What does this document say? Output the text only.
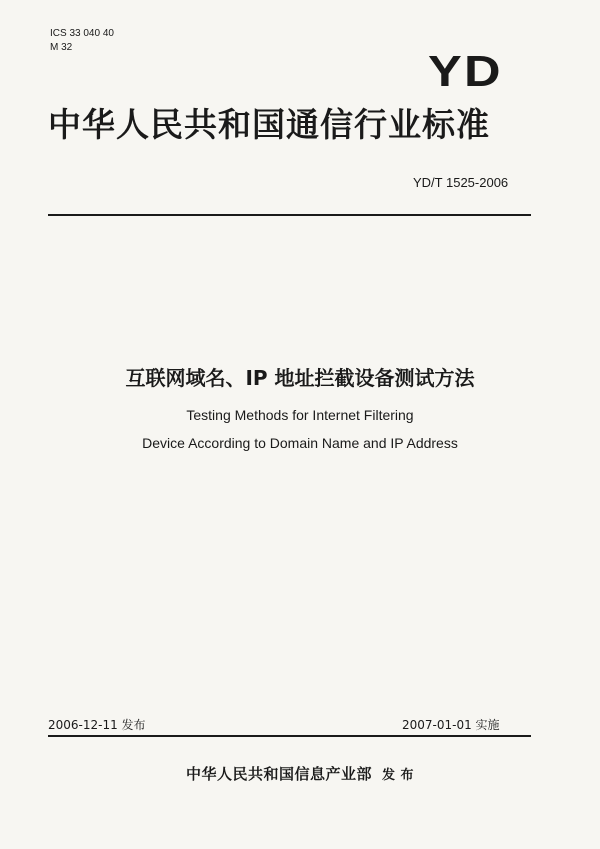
ICS 33 040 40
M 32	YD
中华人民共和国通信行业标准
YD/T 1525-2006
互联网域名、IP 地址拦截设备测试方法
Testing Methods for Internet Filtering
Device According to Domain Name and IP Address
2006-12-11 发布	2007-01-01 实施
中华人民共和国信息产业部 发 布
